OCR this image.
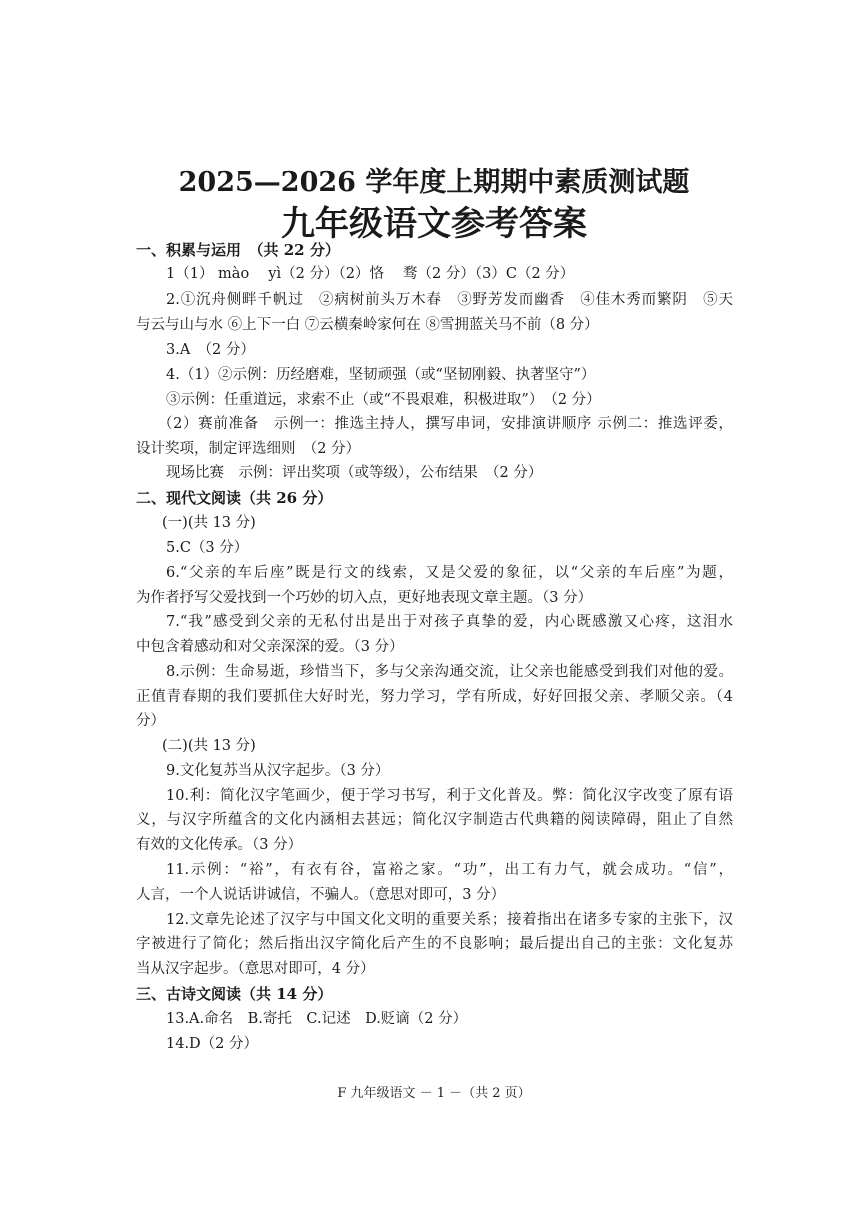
2025—2026 学年度上期期中素质测试题
九年级语文参考答案
一、积累与运用　（共 22 分）
1（1） mào　 yì（2 分）（2）恪　 骛（2 分）（3）C（2 分）
2.①沉舟侧畔千帆过　②病树前头万木春　③野芳发而幽香　④佳木秀而繁阴　⑤天
与云与山与水 ⑥上下一白 ⑦云横秦岭家何在 ⑧雪拥蓝关马不前（8 分）
3.A　（2 分）
4.（1）②示例：历经磨难，坚韧顽强（或“坚韧刚毅、执著坚守”）
③示例：任重道远，求索不止（或“不畏艰难，积极进取”）　（2 分）
（2）赛前准备　示例一：推选主持人，撰写串词，安排演讲顺序 示例二：推选评委，
设计奖项，制定评选细则　（2 分）
现场比赛　示例：评出奖项（或等级），公布结果　（2 分）
二、现代文阅读（共 26 分）
(一)(共 13 分)
5.C（3 分）
6.“父亲的车后座”既是行文的线索，又是父爱的象征，以“父亲的车后座”为题，
为作者抒写父爱找到一个巧妙的切入点，更好地表现文章主题。（3 分）
7.“我”感受到父亲的无私付出是出于对孩子真挚的爱，内心既感激又心疼，这泪水
中包含着感动和对父亲深深的爱。（3 分）
8.示例：生命易逝，珍惜当下，多与父亲沟通交流，让父亲也能感受到我们对他的爱。
正值青春期的我们要抓住大好时光，努力学习，学有所成，好好回报父亲、孝顺父亲。（4
分）
(二)(共 13 分)
9.文化复苏当从汉字起步。（3 分）
10.利：简化汉字笔画少，便于学习书写，利于文化普及。弊：简化汉字改变了原有语
义，与汉字所蕴含的文化内涵相去甚远；简化汉字制造古代典籍的阅读障碍，阻止了自然
有效的文化传承。（3 分）
11.示例：“裕”，有衣有谷，富裕之家。“功”，出工有力气，就会成功。“信”，
人言，一个人说话讲诚信，不骗人。（意思对即可，3 分）
12.文章先论述了汉字与中国文化文明的重要关系；接着指出在诸多专家的主张下，汉
字被进行了简化；然后指出汉字简化后产生的不良影响；最后提出自己的主张：文化复苏
当从汉字起步。（意思对即可，4 分）
三、古诗文阅读（共 14 分）
13.A.命名　B.寄托　C.记述　D.贬谪（2 分）
14.D（2 分）
F 九年级语文 － 1 －（共 2 页）
